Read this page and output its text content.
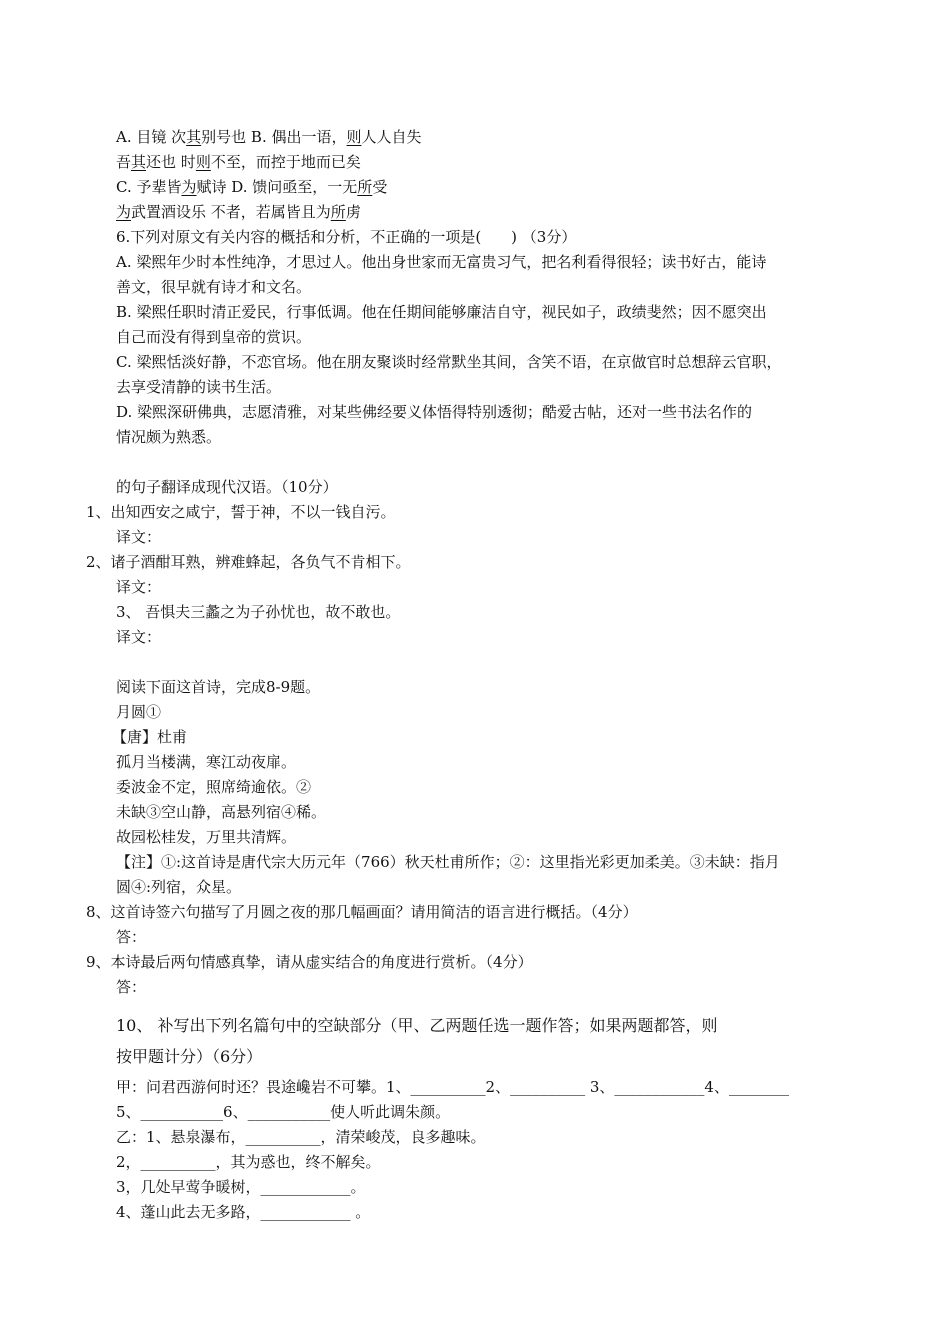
A. 目镜 次其别号也 B. 偶出一语，则人人自失
吾其还也 时则不至，而控于地而已矣
C. 予辈皆为赋诗 D. 馈问亟至，一无所受
为武置酒设乐 不者，若属皆且为所虏
6.下列对原文有关内容的概括和分析，不正确的一项是(　　) （3分）
A. 梁熙年少时本性纯净，才思过人。他出身世家而无富贵习气，把名利看得很轻；读书好古，能诗
善文，很早就有诗才和文名。
B. 梁熙任职时清正爱民，行事低调。他在任期间能够廉洁自守，视民如子，政绩斐然；因不愿突出
自己而没有得到皇帝的赏识。
C. 梁熙恬淡好静，不恋官场。他在朋友聚谈时经常默坐其间，含笑不语，在京做官时总想辞云官职，
去享受清静的读书生活。
D. 梁熙深研佛典，志愿清雅，对某些佛经要义体悟得特别透彻；酷爱古帖，还对一些书法名作的
情况颇为熟悉。
的句子翻译成现代汉语。（10分）
1、出知西安之咸宁，誓于神，不以一钱自污。
译文：
2、诸子酒酣耳熟，辨难蜂起，各负气不肯相下。
译文：
3、 吾惧夫三蠡之为子孙忧也，故不敢也。
译文：
阅读下面这首诗，完成8-9题。
月圆①
【唐】杜甫
孤月当楼满，寒江动夜扉。
委波金不定，照席绮逾依。②
未缺③空山静，高悬列宿④稀。
故园松桂发，万里共清辉。
【注】①:这首诗是唐代宗大历元年（766）秋天杜甫所作；②：这里指光彩更加柔美。③未缺：指月
圆④:列宿，众星。
8、这首诗签六句描写了月圆之夜的那几幅画面？请用简洁的语言进行概括。（4分）
答：
9、本诗最后两句情感真挚，请从虚实结合的角度进行赏析。（4分）
答：
10、 补写出下列名篇句中的空缺部分（甲、乙两题任选一题作答；如果两题都答，则
按甲题计分）（6分）
甲：问君西游何时还？畏途巉岩不可攀。1、__________2、__________ 3、____________4、________
5、___________6、___________使人听此调朱颜。
乙：1、悬泉瀑布，__________，清荣峻茂，良多趣味。
2，__________，其为惑也，终不解矣。
3，几处早莺争暖树，____________。
4、蓬山此去无多路，____________ 。
